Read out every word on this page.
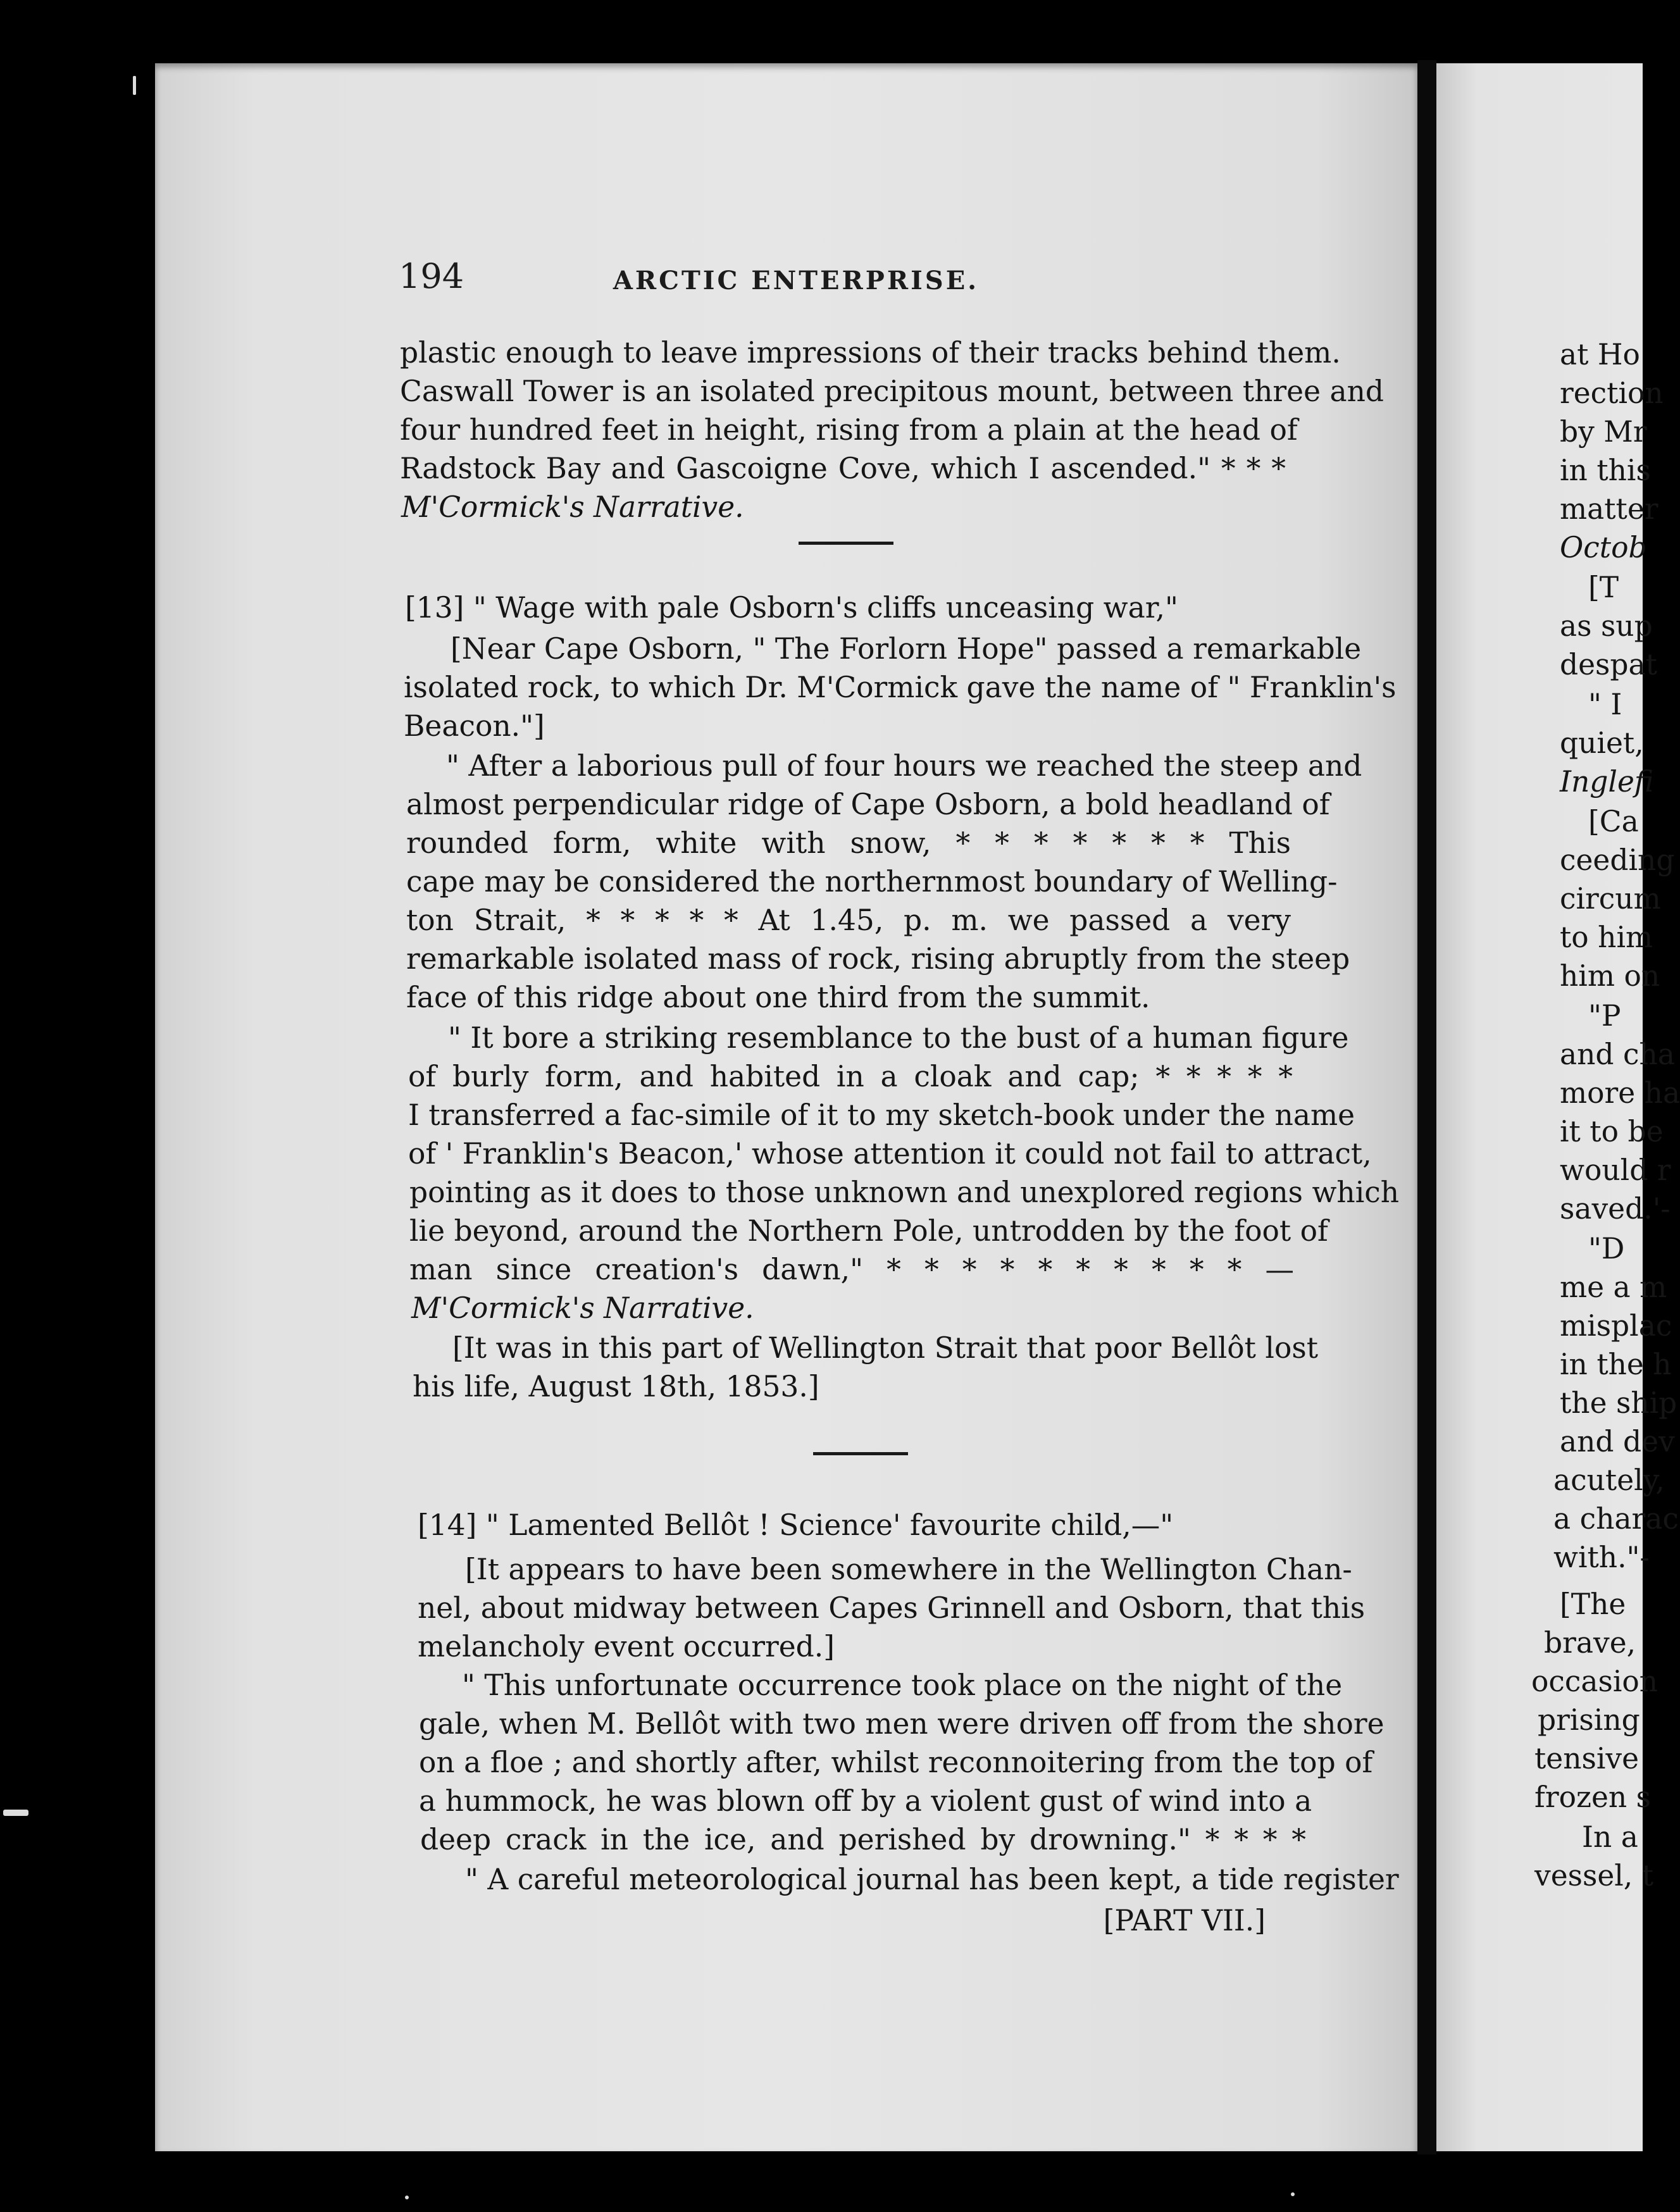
194	ARCTIC ENTERPRISE.
plastic enough to leave impressions of their tracks behind them.
Caswall Tower is an isolated precipitous mount, between three and
four hundred feet in height, rising from a plain at the head of
Radstock Bay and Gascoigne Cove, which I ascended." * * *
M'Cormick's Narrative.
[13] " Wage with pale Osborn's cliffs unceasing war,"
[Near Cape Osborn, " The Forlorn Hope" passed a remarkable
isolated rock, to which Dr. M'Cormick gave the name of " Franklin's
Beacon."]
" After a laborious pull of four hours we reached the steep and
almost perpendicular ridge of Cape Osborn, a bold headland of
rounded form, white with snow, * * * * * * * This
cape may be considered the northernmost boundary of Welling-
ton Strait, * * * * * At 1.45, p. m. we passed a very
remarkable isolated mass of rock, rising abruptly from the steep
face of this ridge about one third from the summit.
" It bore a striking resemblance to the bust of a human figure
of burly form, and habited in a cloak and cap; * * * * *
I transferred a fac-simile of it to my sketch-book under the name
of ' Franklin's Beacon,' whose attention it could not fail to attract,
pointing as it does to those unknown and unexplored regions which
lie beyond, around the Northern Pole, untrodden by the foot of
man since creation's dawn," * * * * * * * * * * —
M'Cormick's Narrative.
[It was in this part of Wellington Strait that poor Bellôt lost
his life, August 18th, 1853.]
[14] " Lamented Bellôt ! Science' favourite child,—"
[It appears to have been somewhere in the Wellington Chan-
nel, about midway between Capes Grinnell and Osborn, that this
melancholy event occurred.]
" This unfortunate occurrence took place on the night of the
gale, when M. Bellôt with two men were driven off from the shore
on a floe ; and shortly after, whilst reconnoitering from the top of
a hummock, he was blown off by a violent gust of wind into a
deep crack in the ice, and perished by drowning." * * * *
" A careful meteorological journal has been kept, a tide register
[PART VII.]
at Ho
rection
by Mr
in this
matter
Octob
[T
as sup
despat
" I
quiet,
Inglefi
[Ca
ceeding
circum
to him
him on
"P
and cha
more ha
it to be
would r
saved.'-
"D
me a m
misplac
in the h
the ship
and dev
acutely,
a charac
with."-
[The
brave,
occasion
prising
tensive
frozen s
In a
vessel, t
